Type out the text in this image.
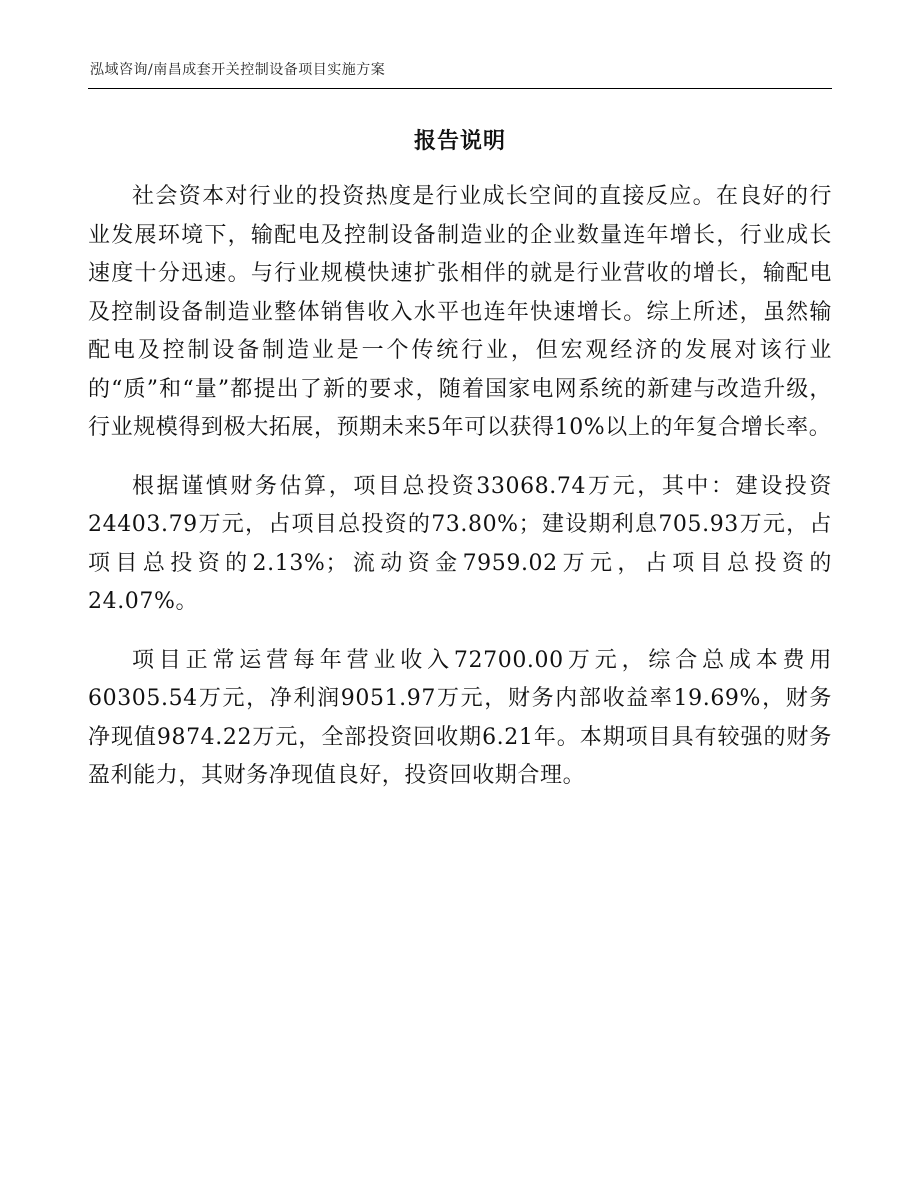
泓域咨询/南昌成套开关控制设备项目实施方案
报告说明

社会资本对行业的投资热度是行业成长空间的直接反应。在良好的行业发展环境下，输配电及控制设备制造业的企业数量连年增长，行业成长速度十分迅速。与行业规模快速扩张相伴的就是行业营收的增长，输配电及控制设备制造业整体销售收入水平也连年快速增长。综上所述，虽然输配电及控制设备制造业是一个传统行业，但宏观经济的发展对该行业的“质”和“量”都提出了新的要求，随着国家电网系统的新建与改造升级，行业规模得到极大拓展，预期未来5年可以获得10%以上的年复合增长率。

根据谨慎财务估算，项目总投资33068.74万元，其中：建设投资24403.79万元，占项目总投资的73.80%；建设期利息705.93万元，占项目总投资的2.13%；流动资金7959.02万元，占项目总投资的24.07%。

项目正常运营每年营业收入72700.00万元，综合总成本费用60305.54万元，净利润9051.97万元，财务内部收益率19.69%，财务净现值9874.22万元，全部投资回收期6.21年。本期项目具有较强的财务盈利能力，其财务净现值良好，投资回收期合理。
